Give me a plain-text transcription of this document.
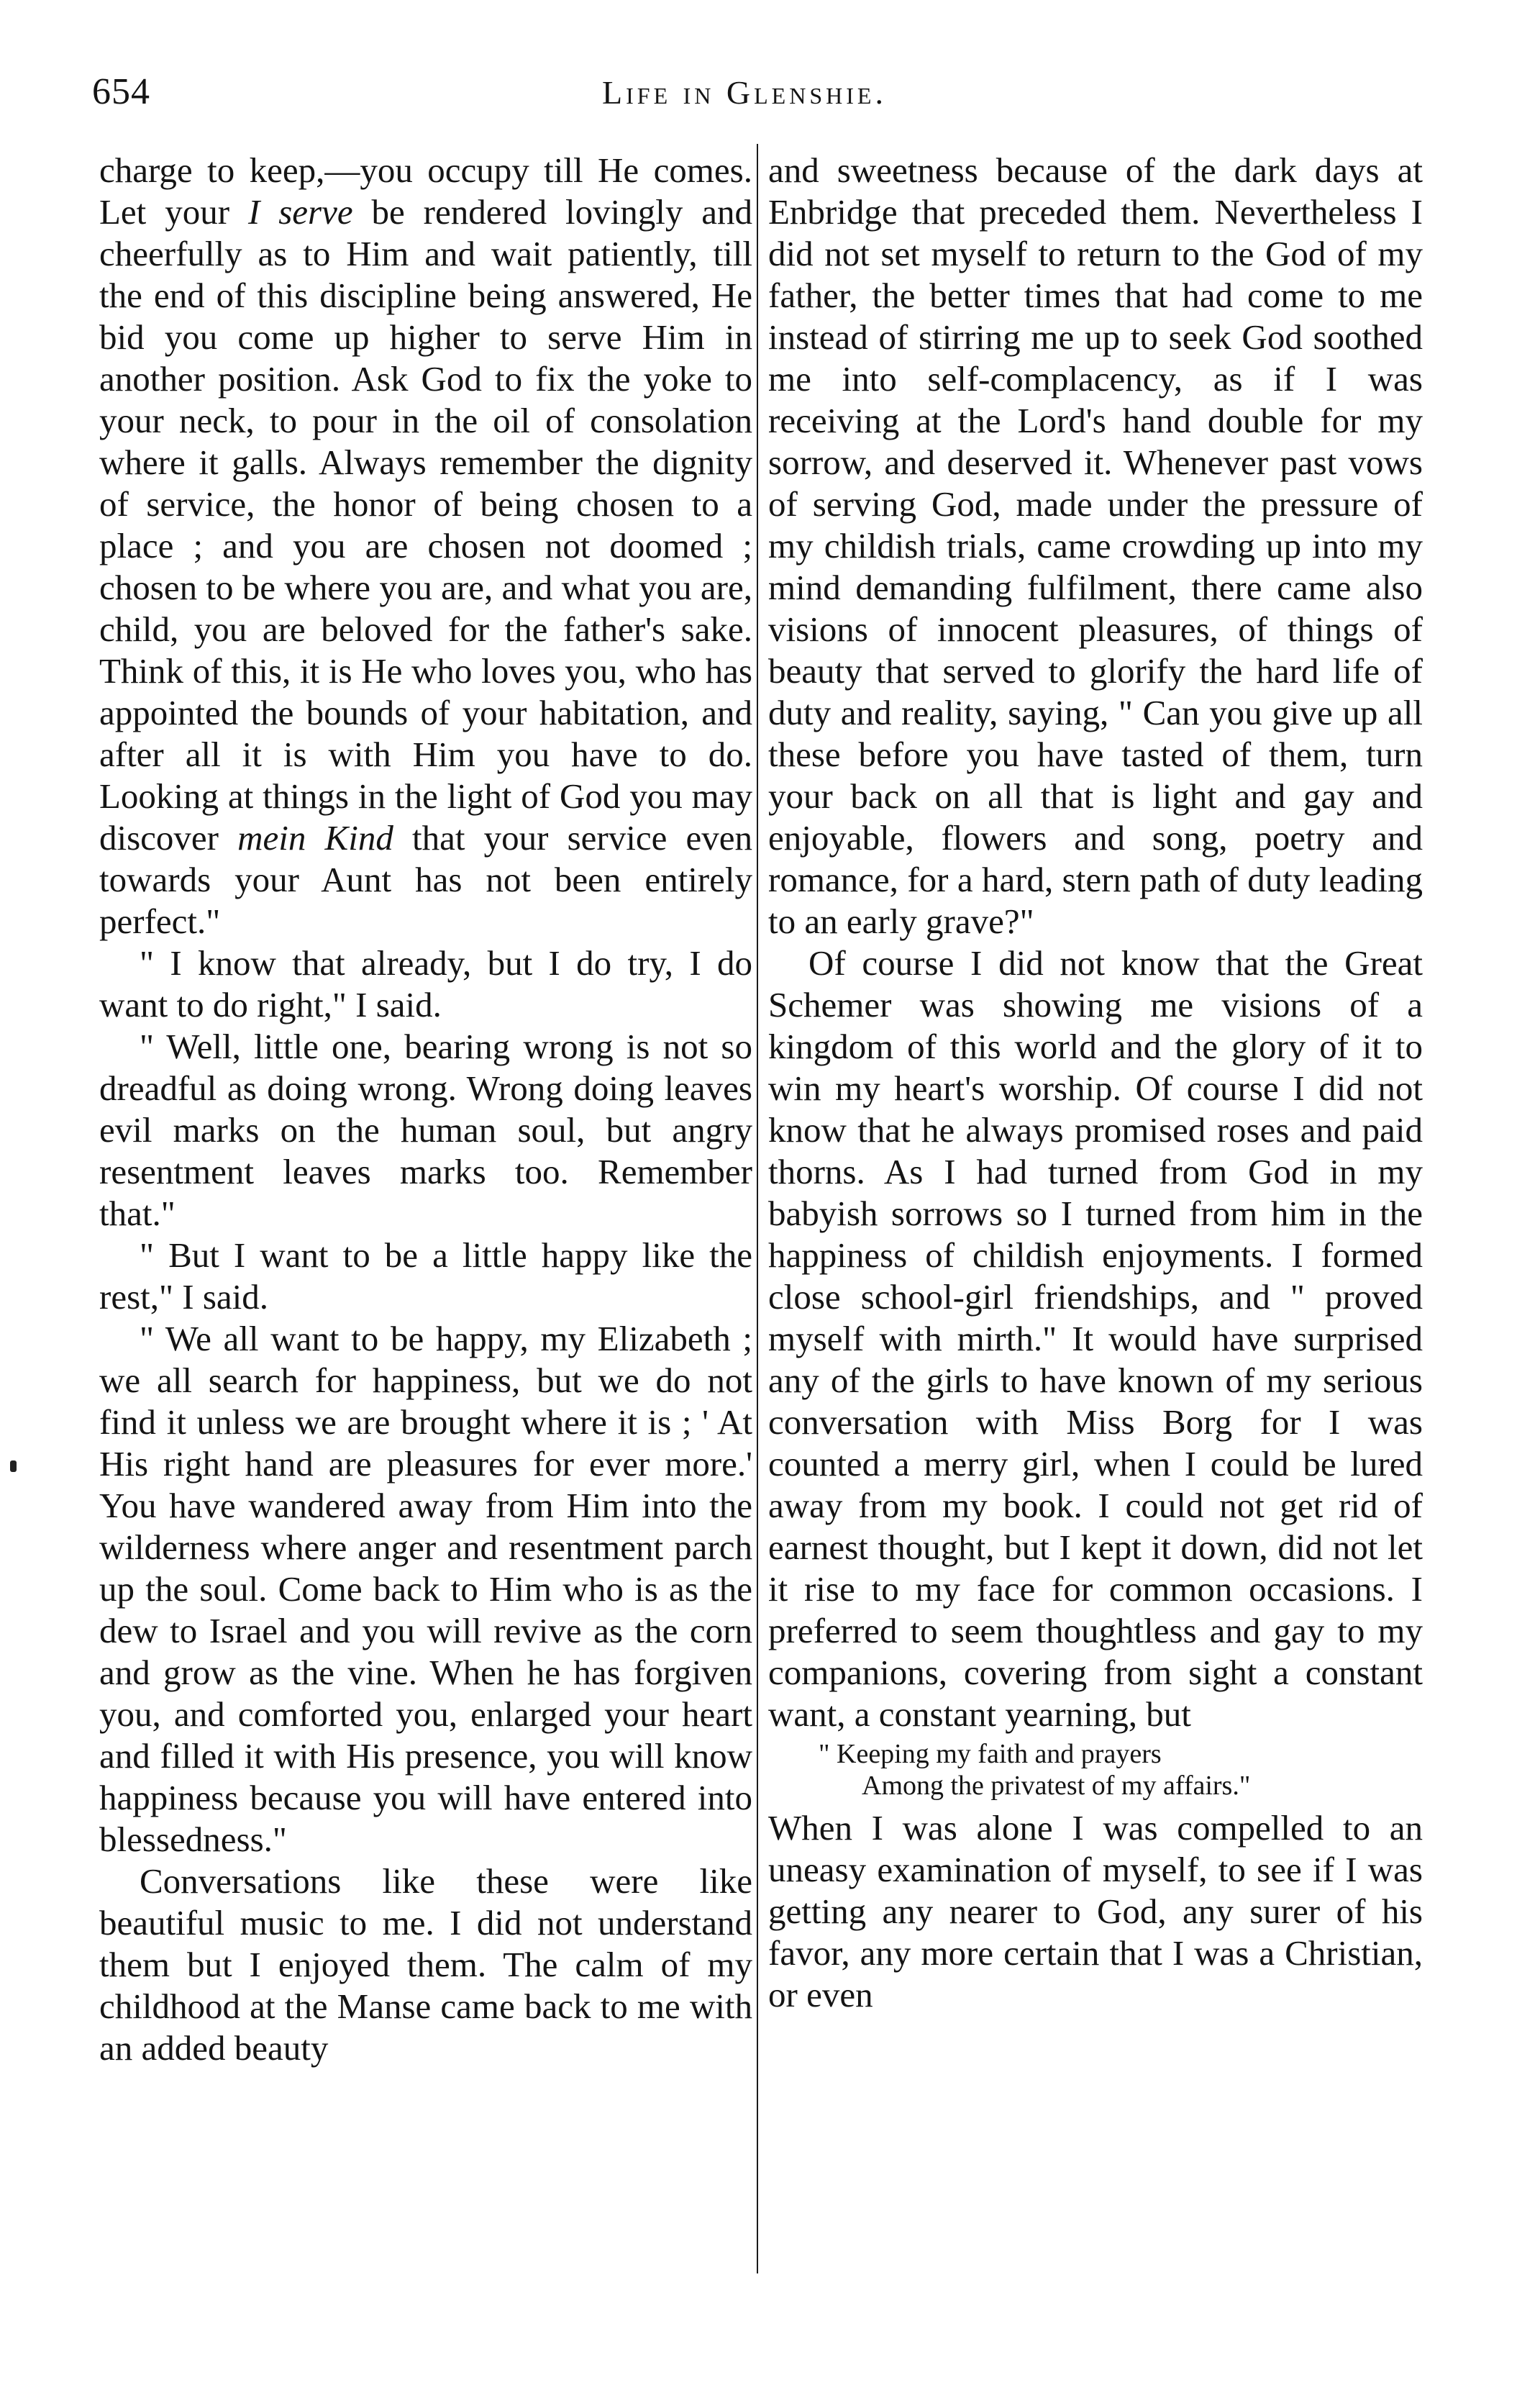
654	Life in Glenshie.

charge to keep,—you occupy till He comes. Let your I serve be rendered lovingly and cheerfully as to Him and wait patiently, till the end of this discipline being answered, He bid you come up higher to serve Him in another position. Ask God to fix the yoke to your neck, to pour in the oil of consolation where it galls. Always remember the dignity of service, the honor of being chosen to a place ; and you are chosen not doomed ; chosen to be where you are, and what you are, child, you are beloved for the father's sake. Think of this, it is He who loves you, who has appointed the bounds of your habitation, and after all it is with Him you have to do. Looking at things in the light of God you may discover mein Kind that your service even towards your Aunt has not been entirely perfect."

" I know that already, but I do try, I do want to do right," I said.

" Well, little one, bearing wrong is not so dreadful as doing wrong. Wrong doing leaves evil marks on the human soul, but angry resentment leaves marks too. Remember that."

" But I want to be a little happy like the rest," I said.

" We all want to be happy, my Elizabeth ; we all search for happiness, but we do not find it unless we are brought where it is ; ' At His right hand are pleasures for ever more.' You have wandered away from Him into the wilderness where anger and resentment parch up the soul. Come back to Him who is as the dew to Israel and you will revive as the corn and grow as the vine. When he has forgiven you, and comforted you, enlarged your heart and filled it with His presence, you will know happiness because you will have entered into blessedness."

Conversations like these were like beautiful music to me. I did not understand them but I enjoyed them. The calm of my childhood at the Manse came back to me with an added beauty

and sweetness because of the dark days at Enbridge that preceded them. Nevertheless I did not set myself to return to the God of my father, the better times that had come to me instead of stirring me up to seek God soothed me into self-complacency, as if I was receiving at the Lord's hand double for my sorrow, and deserved it. Whenever past vows of serving God, made under the pressure of my childish trials, came crowding up into my mind demanding fulfilment, there came also visions of innocent pleasures, of things of beauty that served to glorify the hard life of duty and reality, saying, " Can you give up all these before you have tasted of them, turn your back on all that is light and gay and enjoyable, flowers and song, poetry and romance, for a hard, stern path of duty leading to an early grave?"

Of course I did not know that the Great Schemer was showing me visions of a kingdom of this world and the glory of it to win my heart's worship. Of course I did not know that he always promised roses and paid thorns. As I had turned from God in my babyish sorrows so I turned from him in the happiness of childish enjoyments. I formed close school-girl friendships, and " proved myself with mirth." It would have surprised any of the girls to have known of my serious conversation with Miss Borg for I was counted a merry girl, when I could be lured away from my book. I could not get rid of earnest thought, but I kept it down, did not let it rise to my face for common occasions. I preferred to seem thoughtless and gay to my companions, covering from sight a constant want, a constant yearning, but

" Keeping my faith and prayers
Among the privatest of my affairs."

When I was alone I was compelled to an uneasy examination of myself, to see if I was getting any nearer to God, any surer of his favor, any more certain that I was a Christian, or even
